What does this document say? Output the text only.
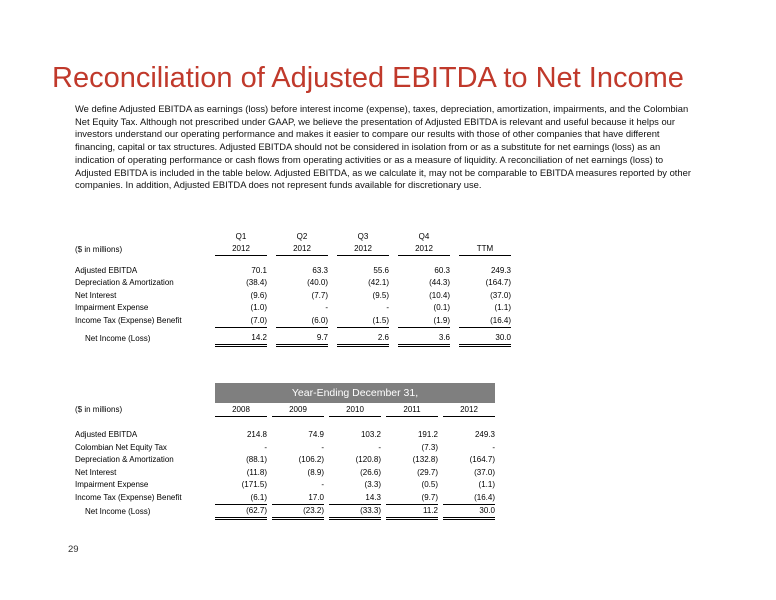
Reconciliation of Adjusted EBITDA to Net Income

We define Adjusted EBITDA as earnings (loss) before interest income (expense), taxes, depreciation, amortization, impairments, and the Colombian Net Equity Tax. Although not prescribed under GAAP, we believe the presentation of Adjusted EBITDA is relevant and useful because it helps our investors understand our operating performance and makes it easier to compare our results with those of other companies that have different financing, capital or tax structures. Adjusted EBITDA should not be considered in isolation from or as a substitute for net earnings (loss) as an indication of operating performance or cash flows from operating activities or as a measure of liquidity. A reconciliation of net earnings (loss) to Adjusted EBITDA is included in the table below. Adjusted EBITDA, as we calculate it, may not be comparable to EBITDA measures reported by other companies. In addition, Adjusted EBITDA does not represent funds available for discretionary use.

	Q1		Q2		Q3		Q4		
($ in millions)	2012		2012		2012		2012		TTM

Adjusted EBITDA	70.1		63.3		55.6		60.3		249.3
Depreciation & Amortization	(38.4)		(40.0)		(42.1)		(44.3)		(164.7)
Net Interest	(9.6)		(7.7)		(9.5)		(10.4)		(37.0)
Impairment Expense	(1.0)		-		-		(0.1)		(1.1)
Income Tax (Expense) Benefit	(7.0)		(6.0)		(1.5)		(1.9)		(16.4)

Net Income (Loss)	14.2		9.7		2.6		3.6		30.0
	Year-Ending December 31,								
($ in millions)	2008		2009		2010		2011		2012

Adjusted EBITDA	214.8		74.9		103.2		191.2		249.3
Colombian Net Equity Tax	-		-		-		(7.3)		-
Depreciation & Amortization	(88.1)		(106.2)		(120.8)		(132.8)		(164.7)
Net Interest	(11.8)		(8.9)		(26.6)		(29.7)		(37.0)
Impairment Expense	(171.5)		-		(3.3)		(0.5)		(1.1)
Income Tax (Expense) Benefit	(6.1)		17.0		14.3		(9.7)		(16.4)
Net Income (Loss)	(62.7)		(23.2)		(33.3)		11.2		30.0
29
